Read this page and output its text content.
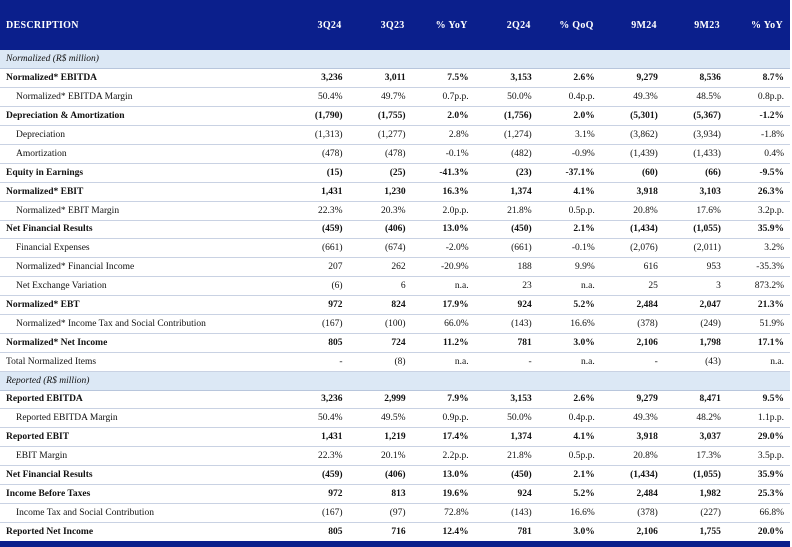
DESCRIPTION	3Q24	3Q23	% YoY	2Q24	% QoQ	9M24	9M23	% YoY
Normalized (R$ million)								
Normalized* EBITDA	3,236	3,011	7.5%	3,153	2.6%	9,279	8,536	8.7%
Normalized* EBITDA Margin	50.4%	49.7%	0.7p.p.	50.0%	0.4p.p.	49.3%	48.5%	0.8p.p.
Depreciation & Amortization	(1,790)	(1,755)	2.0%	(1,756)	2.0%	(5,301)	(5,367)	-1.2%
Depreciation	(1,313)	(1,277)	2.8%	(1,274)	3.1%	(3,862)	(3,934)	-1.8%
Amortization	(478)	(478)	-0.1%	(482)	-0.9%	(1,439)	(1,433)	0.4%
Equity in Earnings	(15)	(25)	-41.3%	(23)	-37.1%	(60)	(66)	-9.5%
Normalized* EBIT	1,431	1,230	16.3%	1,374	4.1%	3,918	3,103	26.3%
Normalized* EBIT Margin	22.3%	20.3%	2.0p.p.	21.8%	0.5p.p.	20.8%	17.6%	3.2p.p.
Net Financial Results	(459)	(406)	13.0%	(450)	2.1%	(1,434)	(1,055)	35.9%
Financial Expenses	(661)	(674)	-2.0%	(661)	-0.1%	(2,076)	(2,011)	3.2%
Normalized* Financial Income	207	262	-20.9%	188	9.9%	616	953	-35.3%
Net Exchange Variation	(6)	6	n.a.	23	n.a.	25	3	873.2%
Normalized* EBT	972	824	17.9%	924	5.2%	2,484	2,047	21.3%
Normalized* Income Tax and Social Contribution	(167)	(100)	66.0%	(143)	16.6%	(378)	(249)	51.9%
Normalized* Net Income	805	724	11.2%	781	3.0%	2,106	1,798	17.1%
Total Normalized Items	-	(8)	n.a.	-	n.a.	-	(43)	n.a.
Reported (R$ million)								
Reported EBITDA	3,236	2,999	7.9%	3,153	2.6%	9,279	8,471	9.5%
Reported EBITDA Margin	50.4%	49.5%	0.9p.p.	50.0%	0.4p.p.	49.3%	48.2%	1.1p.p.
Reported EBIT	1,431	1,219	17.4%	1,374	4.1%	3,918	3,037	29.0%
EBIT Margin	22.3%	20.1%	2.2p.p.	21.8%	0.5p.p.	20.8%	17.3%	3.5p.p.
Net Financial Results	(459)	(406)	13.0%	(450)	2.1%	(1,434)	(1,055)	35.9%
Income Before Taxes	972	813	19.6%	924	5.2%	2,484	1,982	25.3%
Income Tax and Social Contribution	(167)	(97)	72.8%	(143)	16.6%	(378)	(227)	66.8%
Reported Net Income	805	716	12.4%	781	3.0%	2,106	1,755	20.0%
